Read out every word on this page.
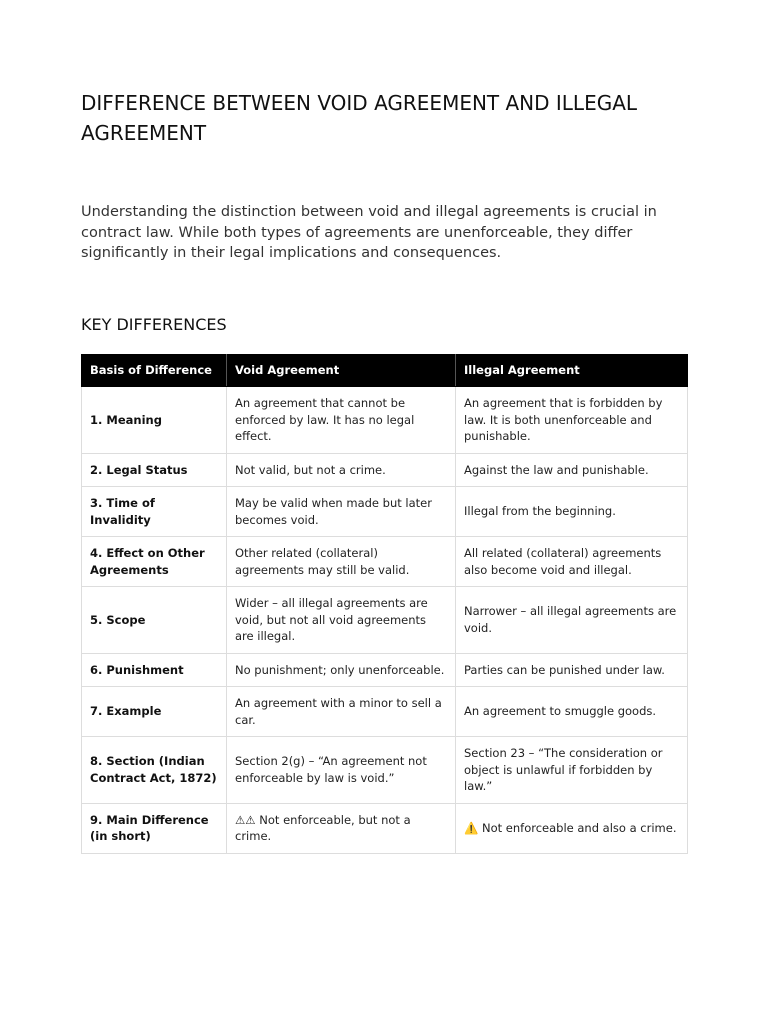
DIFFERENCE BETWEEN VOID AGREEMENT AND ILLEGAL AGREEMENT

Understanding the distinction between void and illegal agreements is crucial in contract law. While both types of agreements are unenforceable, they differ significantly in their legal implications and consequences.

KEY DIFFERENCES
Basis of Difference	Void Agreement	Illegal Agreement
1. Meaning	An agreement that cannot be enforced by law. It has no legal effect.	An agreement that is forbidden by law. It is both unenforceable and punishable.
2. Legal Status	Not valid, but not a crime.	Against the law and punishable.
3. Time of Invalidity	May be valid when made but later becomes void.	Illegal from the beginning.
4. Effect on Other Agreements	Other related (collateral) agreements may still be valid.	All related (collateral) agreements also become void and illegal.
5. Scope	Wider – all illegal agreements are void, but not all void agreements are illegal.	Narrower – all illegal agreements are void.
6. Punishment	No punishment; only unenforceable.	Parties can be punished under law.
7. Example	An agreement with a minor to sell a car.	An agreement to smuggle goods.
8. Section (Indian Contract Act, 1872)	Section 2(g) – “An agreement not enforceable by law is void.”	Section 23 – “The consideration or object is unlawful if forbidden by law.”
9. Main Difference (in short)	⚠⚠ Not enforceable, but not a crime.	⚠️ Not enforceable and also a crime.
